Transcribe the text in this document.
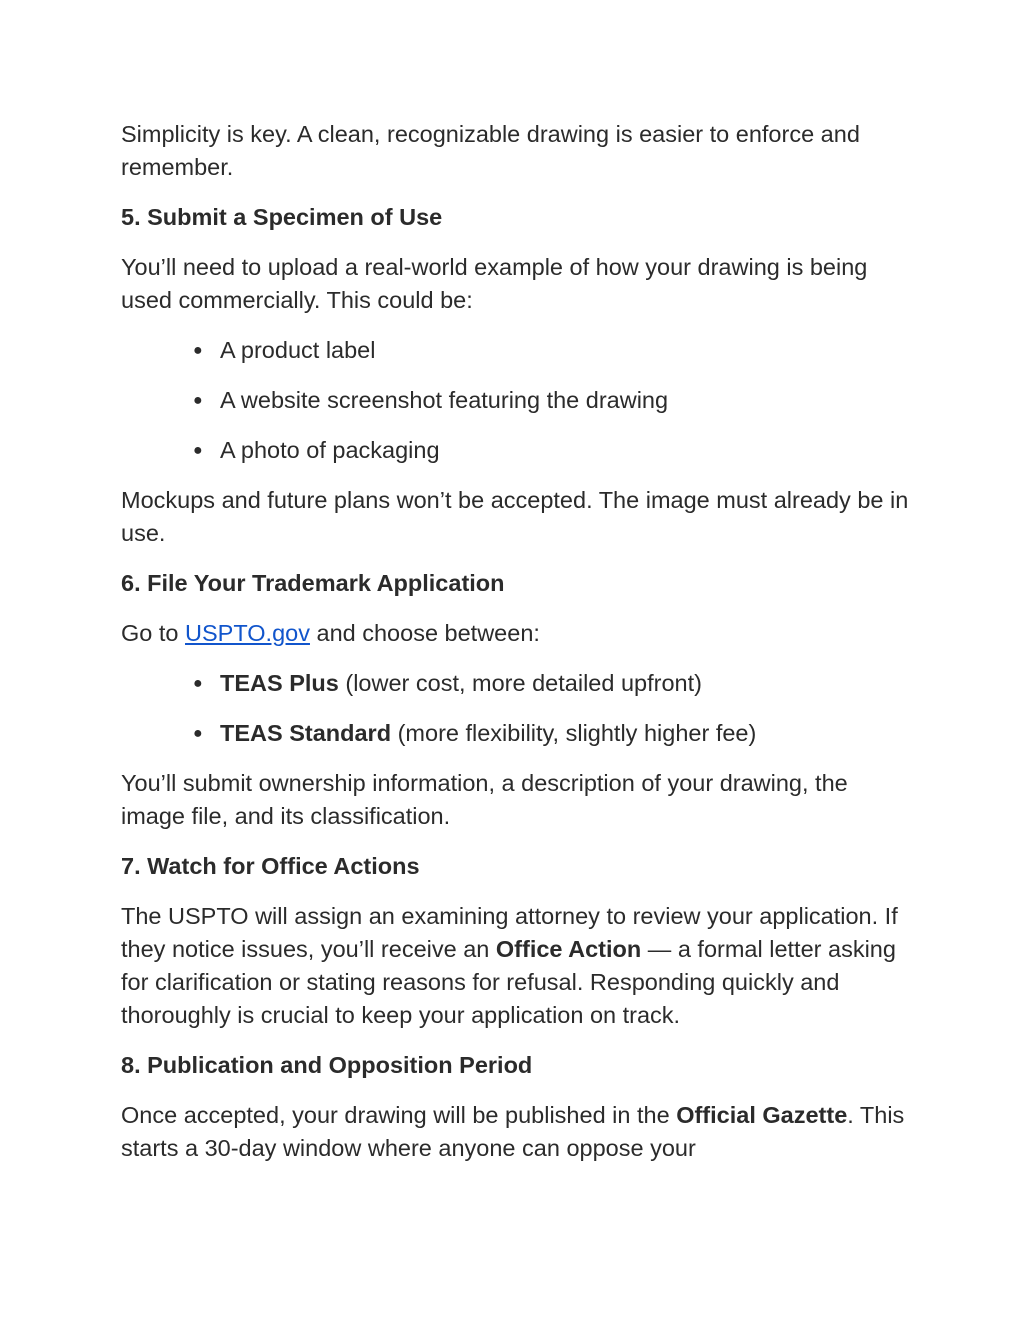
Simplicity is key. A clean, recognizable drawing is easier to enforce and remember.

5. Submit a Specimen of Use

You’ll need to upload a real-world example of how your drawing is being used commercially. This could be:

● A product label
● A website screenshot featuring the drawing
● A photo of packaging

Mockups and future plans won’t be accepted. The image must already be in use.

6. File Your Trademark Application

Go to USPTO.gov and choose between:

● TEAS Plus (lower cost, more detailed upfront)
● TEAS Standard (more flexibility, slightly higher fee)

You’ll submit ownership information, a description of your drawing, the image file, and its classification.

7. Watch for Office Actions

The USPTO will assign an examining attorney to review your application. If they notice issues, you’ll receive an Office Action — a formal letter asking for clarification or stating reasons for refusal. Responding quickly and thoroughly is crucial to keep your application on track.

8. Publication and Opposition Period

Once accepted, your drawing will be published in the Official Gazette. This starts a 30-day window where anyone can oppose your
